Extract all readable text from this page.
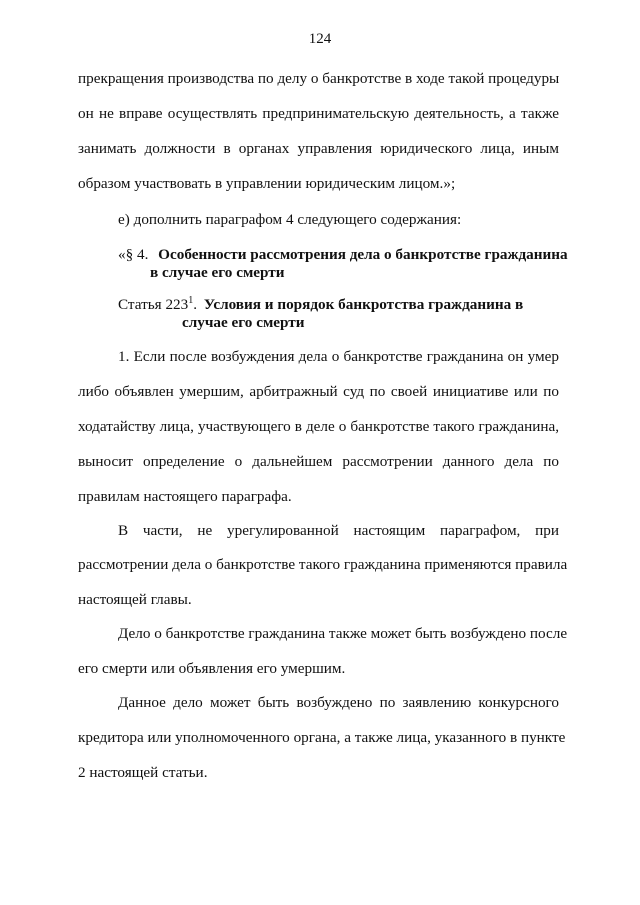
124
прекращения производства по делу о банкротстве в ходе такой процедуры
он не вправе осуществлять предпринимательскую деятельность, а также
занимать должности в органах управления юридического лица, иным
образом участвовать в управлении юридическим лицом.»;
е) дополнить параграфом 4 следующего содержания:
«§ 4. Особенности рассмотрения дела о банкротстве гражданина
в случае его смерти
Статья $223^1$. Условия и порядок банкротства гражданина в
случае его смерти
1. Если после возбуждения дела о банкротстве гражданина он умер
либо объявлен умершим, арбитражный суд по своей инициативе или по
ходатайству лица, участвующего в деле о банкротстве такого гражданина,
выносит определение о дальнейшем рассмотрении данного дела по
правилам настоящего параграфа.
В части, не урегулированной настоящим параграфом, при
рассмотрении дела о банкротстве такого гражданина применяются правила
настоящей главы.
Дело о банкротстве гражданина также может быть возбуждено после
его смерти или объявления его умершим.
Данное дело может быть возбуждено по заявлению конкурсного
кредитора или уполномоченного органа, а также лица, указанного в пункте
2 настоящей статьи.
